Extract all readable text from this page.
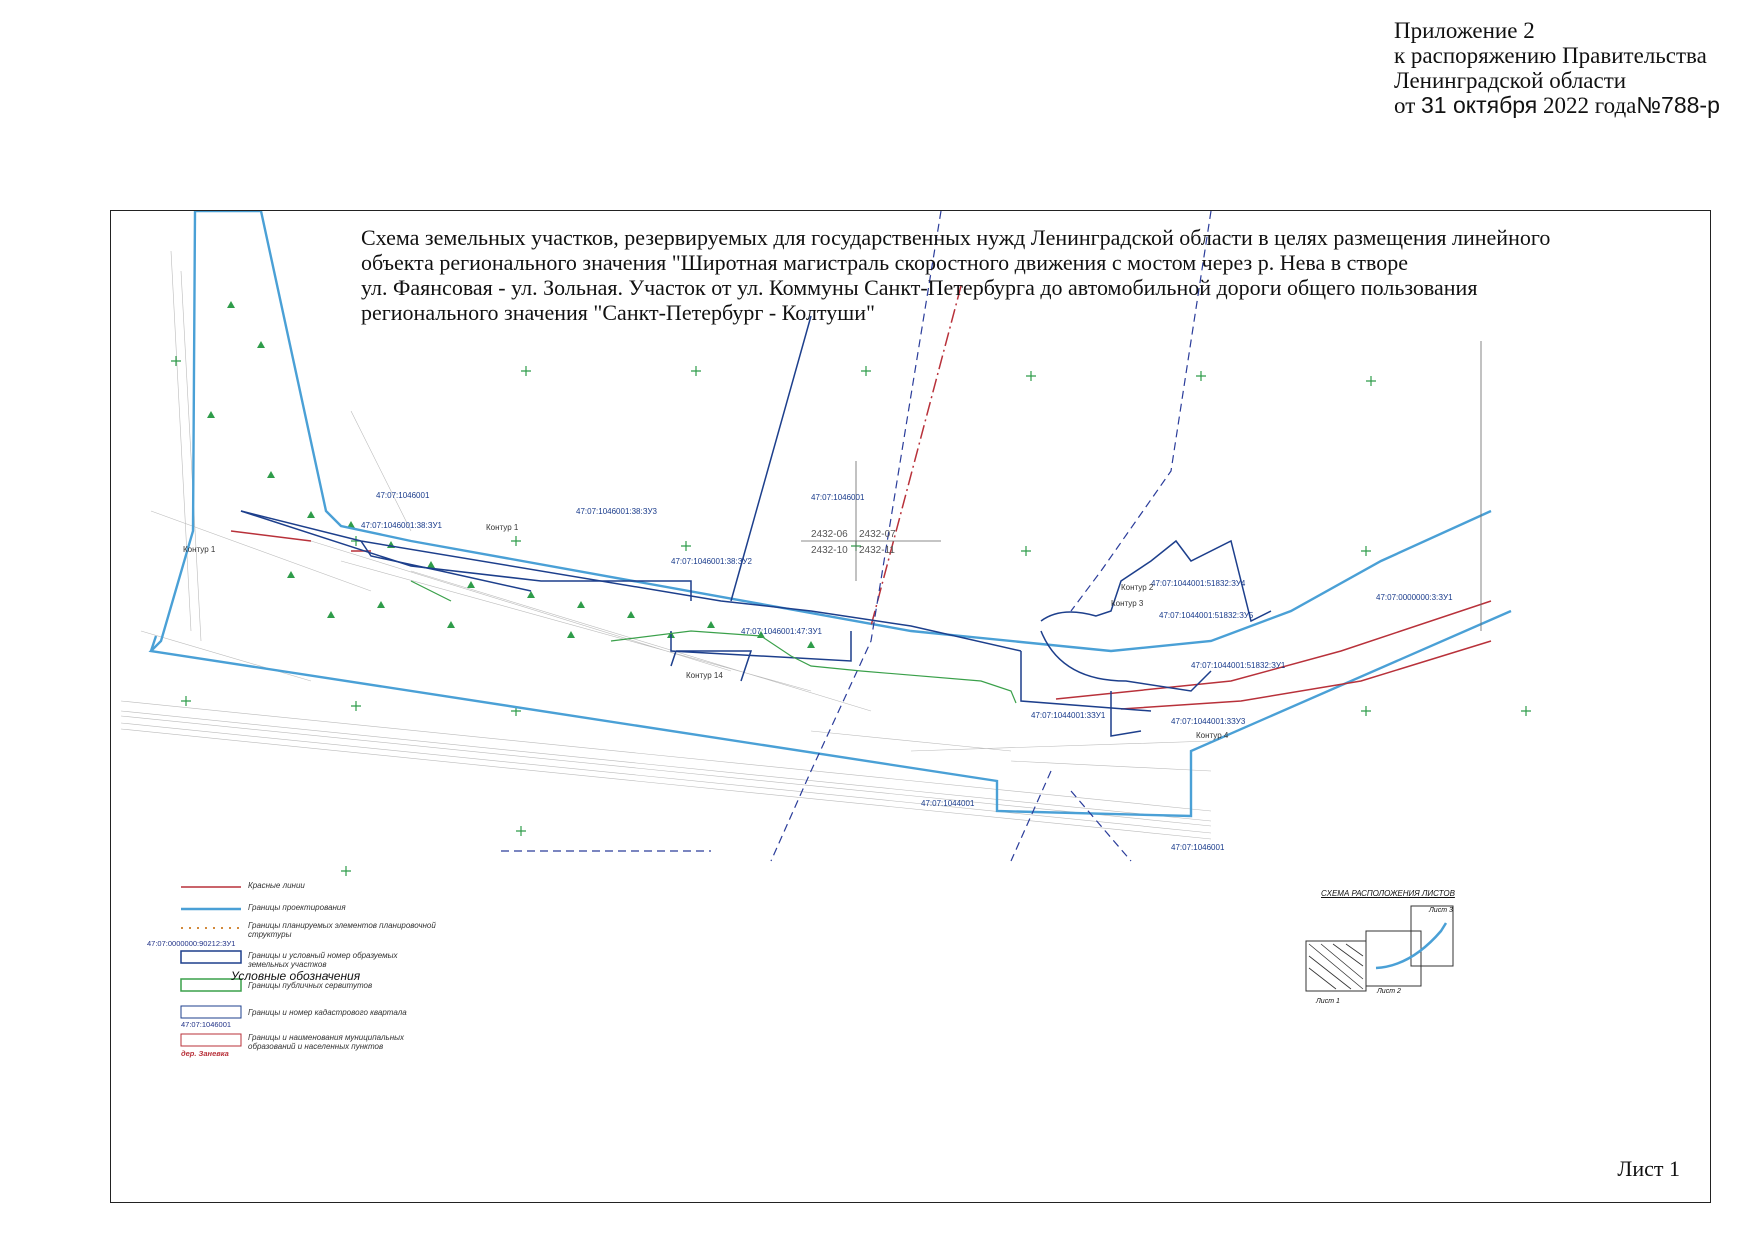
Приложение 2
к распоряжению Правительства
Ленинградской области
от 31 октября 2022 года№788-р
Схема земельных участков, резервируемых для государственных нужд Ленинградской области в целях размещения линейного
объекта регионального значения "Широтная магистраль скоростного движения с мостом через р. Нева в створе
ул. Фаянсовая - ул. Зольная. Участок от ул. Коммуны Санкт-Петербурга до автомобильной дороги общего пользования
регионального значения "Санкт-Петербург - Колтуши"
47:07:1046001	47:07:1046001
47:07:1044001
47:07:1046001
47:07:1046001:38:ЗУ1
47:07:1046001:38:ЗУ3
47:07:1046001:38:ЗУ2
47:07:1046001:47:ЗУ1
47:07:0000000:3:ЗУ1
47:07:1044001:51832:ЗУ4
47:07:1044001:51832:ЗУ5
47:07:1044001:51832:ЗУ1
47:07:1044001:3ЗУ1
47:07:1044001:3ЗУ3
2432-06 2432-07
2432-10 2432-11
Контур 1
Контур 2
Контур 3
Контур 4
Контур 14
Контур 1
Условные обозначения
Красные линии
Границы проектирования
Границы планируемых элементов планировочной структуры
47:07:0000000:90212:ЗУ1
Границы и условный номер образуемых земельных участков
Границы публичных сервитутов
Границы и номер кадастрового квартала
47:07:1046001
Границы и наименования муниципальных образований и населенных пунктов
дер. Заневка
СХЕМА РАСПОЛОЖЕНИЯ ЛИСТОВ
Лист 1
Лист 2
Лист 3
Лист 1
